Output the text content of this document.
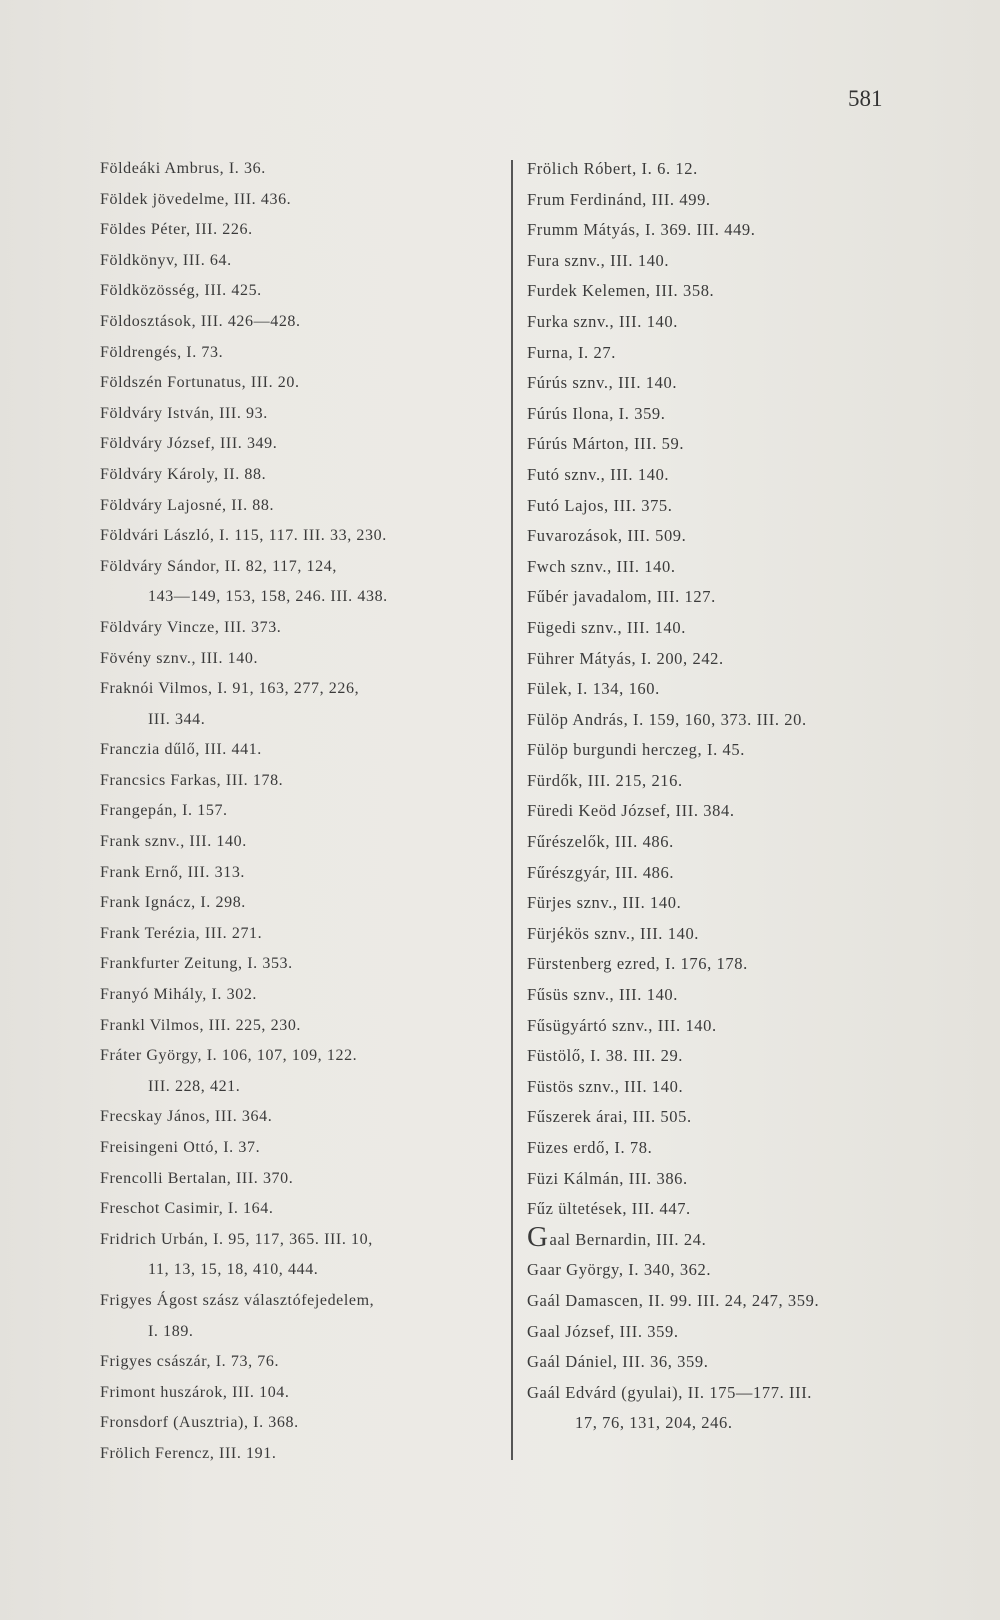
581
Földeáki Ambrus, I. 36.
Földek jövedelme, III. 436.
Földes Péter, III. 226.
Földkönyv, III. 64.
Földközösség, III. 425.
Földosztások, III. 426—428.
Földrengés, I. 73.
Földszén Fortunatus, III. 20.
Földváry István, III. 93.
Földváry József, III. 349.
Földváry Károly, II. 88.
Földváry Lajosné, II. 88.
Földvári László, I. 115, 117. III. 33, 230.
Földváry Sándor, II. 82, 117, 124,
143—149, 153, 158, 246. III. 438.
Földváry Vincze, III. 373.
Fövény sznv., III. 140.
Fraknói Vilmos, I. 91, 163, 277, 226,
III. 344.
Franczia dűlő, III. 441.
Francsics Farkas, III. 178.
Frangepán, I. 157.
Frank sznv., III. 140.
Frank Ernő, III. 313.
Frank Ignácz, I. 298.
Frank Terézia, III. 271.
Frankfurter Zeitung, I. 353.
Franyó Mihály, I. 302.
Frankl Vilmos, III. 225, 230.
Fráter György, I. 106, 107, 109, 122.
III. 228, 421.
Frecskay János, III. 364.
Freisingeni Ottó, I. 37.
Frencolli Bertalan, III. 370.
Freschot Casimir, I. 164.
Fridrich Urbán, I. 95, 117, 365. III. 10,
11, 13, 15, 18, 410, 444.
Frigyes Ágost szász választófejedelem,
I. 189.
Frigyes császár, I. 73, 76.
Frimont huszárok, III. 104.
Fronsdorf (Ausztria), I. 368.
Frölich Ferencz, III. 191.
Frölich Róbert, I. 6. 12.
Frum Ferdinánd, III. 499.
Frumm Mátyás, I. 369. III. 449.
Fura sznv., III. 140.
Furdek Kelemen, III. 358.
Furka sznv., III. 140.
Furna, I. 27.
Fúrús sznv., III. 140.
Fúrús Ilona, I. 359.
Fúrús Márton, III. 59.
Futó sznv., III. 140.
Futó Lajos, III. 375.
Fuvarozások, III. 509.
Fwch sznv., III. 140.
Fűbér javadalom, III. 127.
Fügedi sznv., III. 140.
Führer Mátyás, I. 200, 242.
Fülek, I. 134, 160.
Fülöp András, I. 159, 160, 373. III. 20.
Fülöp burgundi herczeg, I. 45.
Fürdők, III. 215, 216.
Füredi Keöd József, III. 384.
Fűrészelők, III. 486.
Fűrészgyár, III. 486.
Fürjes sznv., III. 140.
Fürjékös sznv., III. 140.
Fürstenberg ezred, I. 176, 178.
Fűsüs sznv., III. 140.
Fűsügyártó sznv., III. 140.
Füstölő, I. 38. III. 29.
Füstös sznv., III. 140.
Fűszerek árai, III. 505.
Füzes erdő, I. 78.
Füzi Kálmán, III. 386.
Fűz ültetések, III. 447.
Gaal Bernardin, III. 24.
Gaar György, I. 340, 362.
Gaál Damascen, II. 99. III. 24, 247, 359.
Gaal József, III. 359.
Gaál Dániel, III. 36, 359.
Gaál Edvárd (gyulai), II. 175—177. III.
17, 76, 131, 204, 246.
